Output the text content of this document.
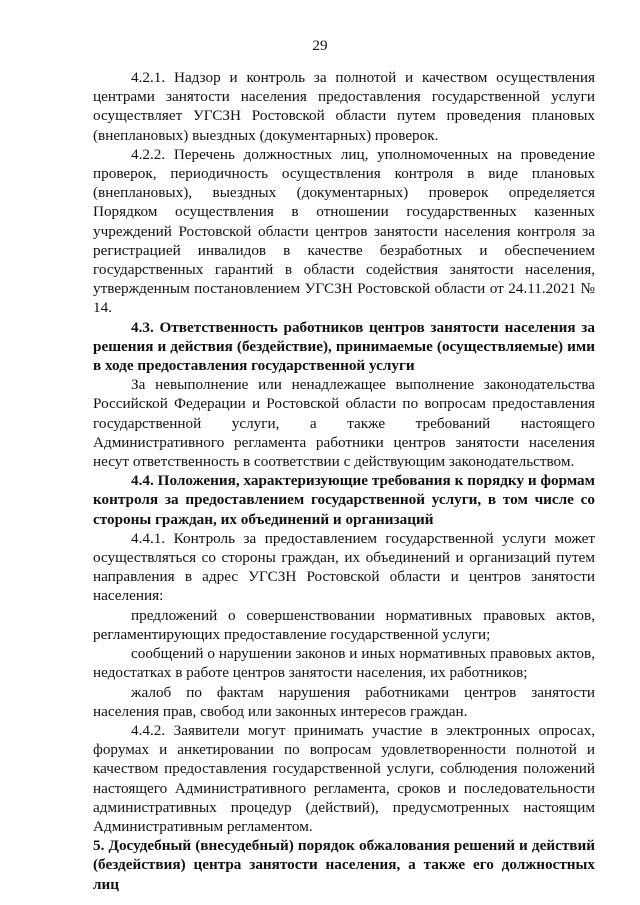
29

4.2.1. Надзор и контроль за полнотой и качеством осуществления центрами занятости населения предоставления государственной услуги осуществляет УГСЗН Ростовской области путем проведения плановых (внеплановых) выездных (документарных) проверок.

4.2.2. Перечень должностных лиц, уполномоченных на проведение проверок, периодичность осуществления контроля в виде плановых (внеплановых), выездных (документарных) проверок определяется Порядком осуществления в отношении государственных казенных учреждений Ростовской области центров занятости населения контроля за регистрацией инвалидов в качестве безработных и обеспечением государственных гарантий в области содействия занятости населения, утвержденным постановлением УГСЗН Ростовской области от 24.11.2021 № 14.

4.3. Ответственность работников центров занятости населения за решения и действия (бездействие), принимаемые (осуществляемые) ими в ходе предоставления государственной услуги

За невыполнение или ненадлежащее выполнение законодательства Российской Федерации и Ростовской области по вопросам предоставления государственной услуги, а также требований настоящего Административного регламента работники центров занятости населения несут ответственность в соответствии с действующим законодательством.

4.4. Положения, характеризующие требования к порядку и формам контроля за предоставлением государственной услуги, в том числе со стороны граждан, их объединений и организаций

4.4.1. Контроль за предоставлением государственной услуги может осуществляться со стороны граждан, их объединений и организаций путем направления в адрес УГСЗН Ростовской области и центров занятости населения:

предложений о совершенствовании нормативных правовых актов, регламентирующих предоставление государственной услуги;

сообщений о нарушении законов и иных нормативных правовых актов, недостатках в работе центров занятости населения, их работников;

жалоб по фактам нарушения работниками центров занятости населения прав, свобод или законных интересов граждан.

4.4.2. Заявители могут принимать участие в электронных опросах, форумах и анкетировании по вопросам удовлетворенности полнотой и качеством предоставления государственной услуги, соблюдения положений настоящего Административного регламента, сроков и последовательности административных процедур (действий), предусмотренных настоящим Административным регламентом.

5. Досудебный (внесудебный) порядок обжалования решений и действий (бездействия) центра занятости населения, а также его должностных лиц
